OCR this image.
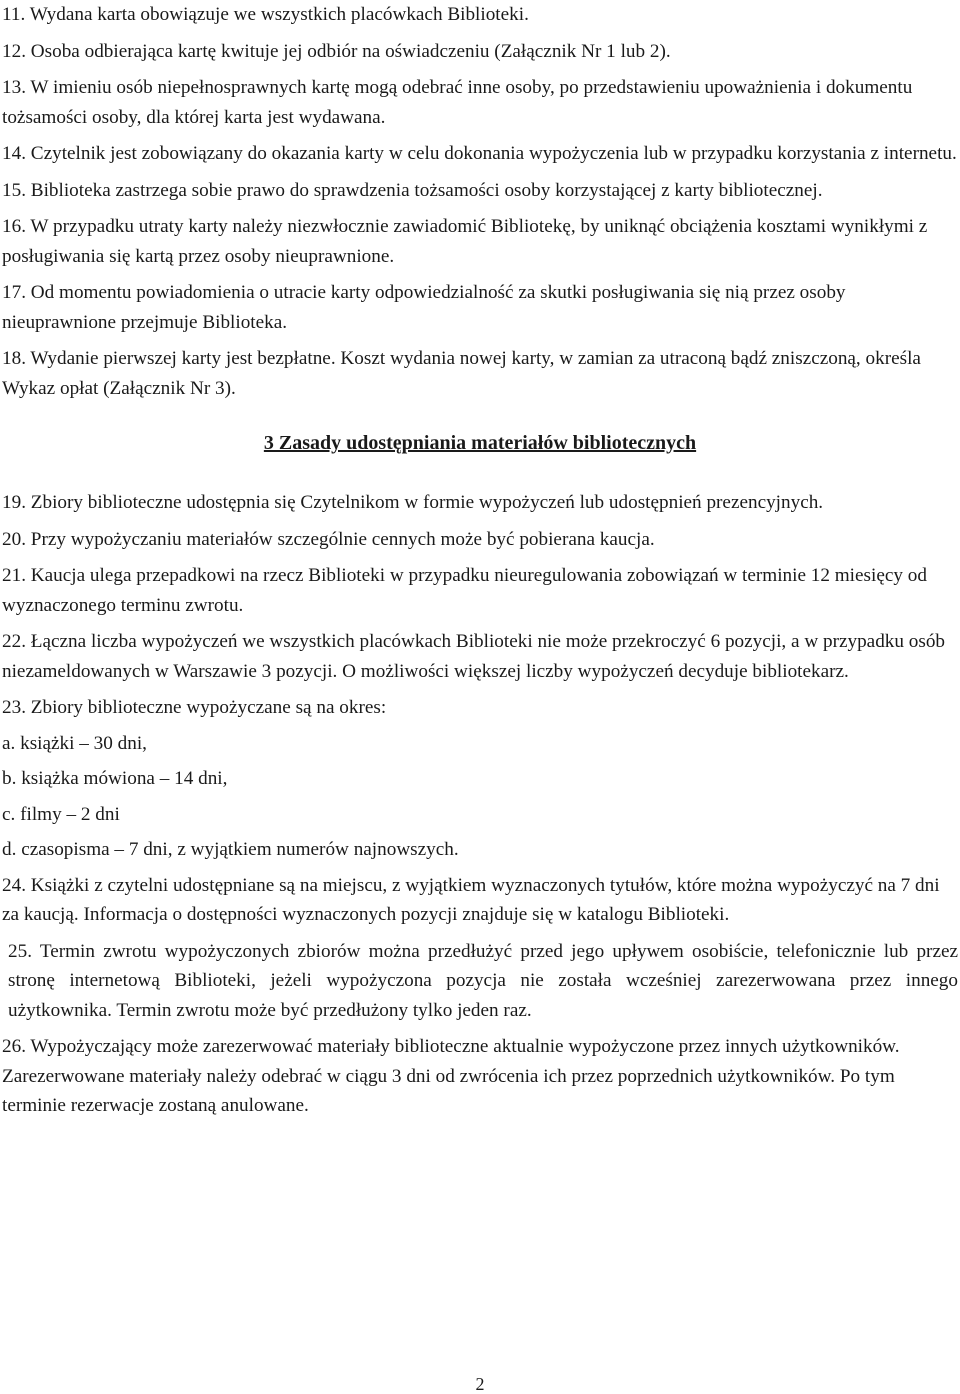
11. Wydana karta obowiązuje we wszystkich placówkach Biblioteki.

12. Osoba odbierająca kartę kwituje jej odbiór na oświadczeniu (Załącznik Nr 1 lub 2).

13. W imieniu osób niepełnosprawnych kartę mogą odebrać inne osoby, po przedstawieniu upoważnienia i dokumentu tożsamości osoby, dla której karta jest wydawana.

14. Czytelnik jest zobowiązany do okazania karty w celu dokonania wypożyczenia lub w przypadku korzystania z internetu.

15. Biblioteka zastrzega sobie prawo do sprawdzenia tożsamości osoby korzystającej z karty bibliotecznej.

16. W przypadku utraty karty należy niezwłocznie zawiadomić Bibliotekę, by uniknąć obciążenia kosztami wynikłymi z posługiwania się kartą przez osoby nieuprawnione.

17. Od momentu powiadomienia o utracie karty odpowiedzialność za skutki posługiwania się nią przez osoby nieuprawnione przejmuje Biblioteka.

18. Wydanie pierwszej karty jest bezpłatne. Koszt wydania nowej karty, w zamian za utraconą bądź zniszczoną, określa Wykaz opłat (Załącznik Nr 3).

3 Zasady udostępniania materiałów bibliotecznych

19. Zbiory biblioteczne udostępnia się Czytelnikom w formie wypożyczeń lub udostępnień prezencyjnych.

20. Przy wypożyczaniu materiałów szczególnie cennych może być pobierana kaucja.

21. Kaucja ulega przepadkowi na rzecz Biblioteki w przypadku nieuregulowania zobowiązań w terminie 12 miesięcy od wyznaczonego terminu zwrotu.

22. Łączna liczba wypożyczeń we wszystkich placówkach Biblioteki nie może przekroczyć 6 pozycji, a w przypadku osób niezameldowanych w Warszawie 3 pozycji. O możliwości większej liczby wypożyczeń decyduje bibliotekarz.

23. Zbiory biblioteczne wypożyczane są na okres:

a. książki – 30 dni,

b. książka mówiona – 14 dni,

c. filmy – 2 dni

d. czasopisma – 7 dni, z wyjątkiem numerów najnowszych.

24. Książki z czytelni udostępniane są na miejscu, z wyjątkiem wyznaczonych tytułów, które można wypożyczyć na 7 dni za kaucją. Informacja o dostępności wyznaczonych pozycji znajduje się w katalogu Biblioteki.

25. Termin zwrotu wypożyczonych zbiorów można przedłużyć przed jego upływem osobiście, telefonicznie lub przez stronę internetową Biblioteki, jeżeli wypożyczona pozycja nie została wcześniej zarezerwowana przez innego użytkownika. Termin zwrotu może być przedłużony tylko jeden raz.

26. Wypożyczający może zarezerwować materiały biblioteczne aktualnie wypożyczone przez innych użytkowników. Zarezerwowane materiały należy odebrać w ciągu 3 dni od zwrócenia ich przez poprzednich użytkowników. Po tym terminie rezerwacje zostaną anulowane.

2
